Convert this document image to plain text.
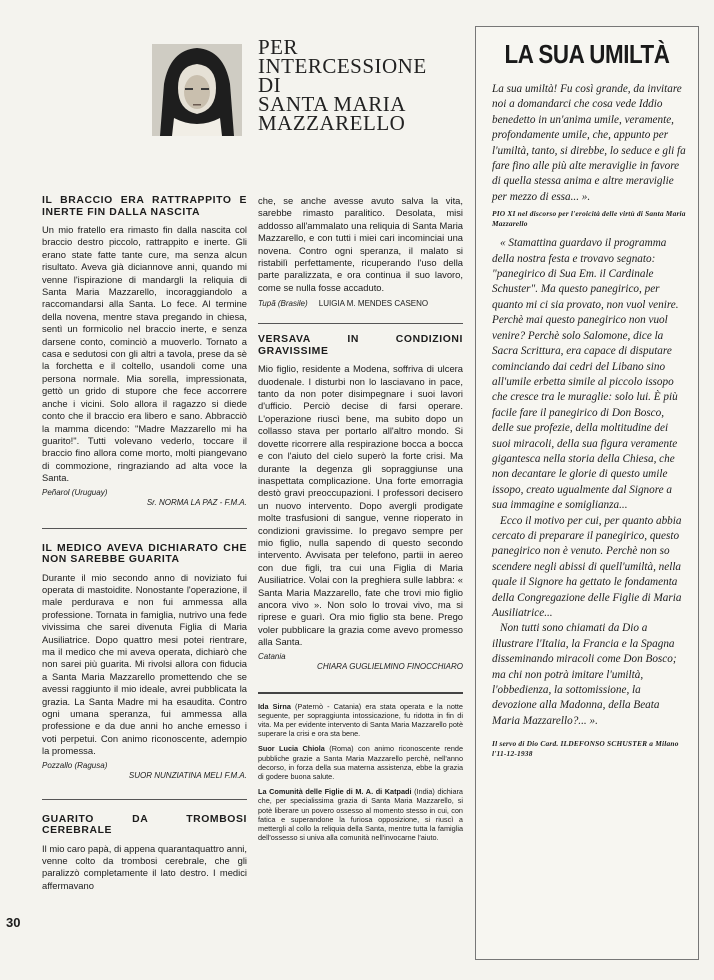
PER
INTERCESSIONE
DI
SANTA MARIA
MAZZARELLO
IL BRACCIO ERA RATTRAPPITO E INERTE FIN DALLA NASCITA

Un mio fratello era rimasto fin dalla nascita col braccio destro piccolo, rattrappito e inerte. Gli erano state fatte tante cure, ma senza alcun risultato. Aveva già diciannove anni, quando mi venne l'ispirazione di mandargli la reliquia di Santa Maria Mazzarello, incoraggiandolo a raccomandarsi alla Santa. Lo fece. Al termine della novena, mentre stava pregando in chiesa, sentì un formicolio nel braccio inerte, e senza darsene conto, cominciò a muoverlo. Tornato a casa e sedutosi con gli altri a tavola, prese da sè la forchetta e il coltello, usandoli come una persona normale. Mia sorella, impressionata, gettò un grido di stupore che fece accorrere anche i vicini. Solo allora il ragazzo si diede conto che il braccio era libero e sano. Abbracciò la mamma dicendo: "Madre Mazzarello mi ha guarito!". Tutti volevano vederlo, toccare il braccio fino allora come morto, molti piangevano di commozione, ringraziando ad alta voce la Santa.

Peñarol (Uruguay)
Sr. NORMA LA PAZ - F.M.A.
IL MEDICO AVEVA DICHIARATO CHE NON SAREBBE GUARITA

Durante il mio secondo anno di noviziato fui operata di mastoidite. Nonostante l'operazione, il male perdurava e non fui ammessa alla professione. Tornata in famiglia, nutrivo una fede vivissima che sarei divenuta Figlia di Maria Ausiliatrice. Dopo quattro mesi potei rientrare, ma il medico che mi aveva operata, dichiarò che non sarei più guarita. Mi rivolsi allora con fiducia a Santa Maria Mazzarello promettendo che se avessi raggiunto il mio ideale, avrei pubblicata la grazia. La Santa Madre mi ha esaudita. Contro ogni umana speranza, fui ammessa alla professione e da due anni ho anche emesso i voti perpetui. Con animo riconoscente, adempio la promessa.

Pozzallo (Ragusa)
SUOR NUNZIATINA MELI F.M.A.
GUARITO DA TROMBOSI CEREBRALE

Il mio caro papà, di appena quarantaquattro anni, venne colto da trombosi cerebrale, che gli paralizzò completamente il lato destro. I medici affermavano

che, se anche avesse avuto salva la vita, sarebbe rimasto paralitico. Desolata, misi addosso all'ammalato una reliquia di Santa Maria Mazzarello, e con tutti i miei cari incominciai una novena. Contro ogni speranza, il malato si ristabilì perfettamente, ricuperando l'uso della parte paralizzata, e ora continua il suo lavoro, come se nulla fosse accaduto.

Tupã (Brasile) LUIGIA M. MENDES CASENO
VERSAVA IN CONDIZIONI GRAVISSIME

Mio figlio, residente a Modena, soffriva di ulcera duodenale. I disturbi non lo lasciavano in pace, tanto da non poter disimpegnare i suoi lavori d'ufficio. Perciò decise di farsi operare. L'operazione riuscì bene, ma subito dopo un collasso stava per portarlo all'altro mondo. Si dovette ricorrere alla respirazione bocca a bocca e con l'aiuto del cielo superò la forte crisi. Ma durante la degenza gli sopraggiunse una inaspettata complicazione. Una forte emorragia destò gravi preoccupazioni. I professori decisero un nuovo intervento. Dopo avergli prodigate molte trasfusioni di sangue, venne rioperato in condizioni gravissime. Io pregavo sempre per mio figlio, nulla sapendo di questo secondo intervento. Avvisata per telefono, partii in aereo con due figli, tra cui una Figlia di Maria Ausiliatrice. Volai con la preghiera sulle labbra: « Santa Maria Mazzarello, fate che trovi mio figlio ancora vivo ». Non solo lo trovai vivo, ma si riprese e guarì. Ora mio figlio sta bene. Prego voler pubblicare la grazia come avevo promesso alla Santa.

Catania
CHIARA GUGLIELMINO FINOCCHIARO

Ida Sirna (Paternò - Catania) era stata operata e la notte seguente, per sopraggiunta intossicazione, fu ridotta in fin di vita. Ma per evidente intervento di Santa Maria Mazzarello potè superare la crisi e ora sta bene.

Suor Lucia Chiola (Roma) con animo riconoscente rende pubbliche grazie a Santa Maria Mazzarello perchè, nell'anno decorso, in forza della sua materna assistenza, ebbe la grazia di godere buona salute.

La Comunità delle Figlie di M. A. di Katpadi (India) dichiara che, per specialissima grazia di Santa Maria Mazzarello, si potè liberare un povero ossesso al momento stesso in cui, con fatica e superandone la furiosa opposizione, si riuscì a mettergli al collo la reliquia della Santa, mentre tutta la famiglia dell'ossesso si univa alla comunità nell'invocarne l'aiuto.

30
LA SUA UMILTÀ

La sua umiltà! Fu così grande, da invitare noi a domandarci che cosa vede Iddio benedetto in un'anima umile, veramente, profondamente umile, che, appunto per l'umiltà, tanto, si direbbe, lo seduce e gli fa fare fino alle più alte meraviglie in favore di quella stessa anima e altre meraviglie per mezzo di essa... ».

PIO XI nel discorso per l'eroicità delle virtù di Santa Maria Mazzarello

« Stamattina guardavo il programma della nostra festa e trovavo segnato: "panegirico di Sua Em. il Cardinale Schuster". Ma questo panegirico, per quanto mi ci sia provato, non vuol venire. Perchè mai questo panegirico non vuol venire? Perchè solo Salomone, dice la Sacra Scrittura, era capace di disputare cominciando dai cedri del Libano sino all'umile erbetta simile al piccolo issopo che cresce tra le muraglie: solo lui. È più facile fare il panegirico di Don Bosco, delle sue profezie, della moltitudine dei suoi miracoli, della sua figura veramente gigantesca nella storia della Chiesa, che non decantare le glorie di questo umile issopo, creato ugualmente dal Signore a sua immagine e somiglianza...

Ecco il motivo per cui, per quanto abbia cercato di preparare il panegirico, questo panegirico non è venuto. Perchè non so scendere negli abissi di quell'umiltà, nella quale il Signore ha gettato le fondamenta della Congregazione delle Figlie di Maria Ausiliatrice...

Non tutti sono chiamati da Dio a illustrare l'Italia, la Francia e la Spagna disseminando miracoli come Don Bosco; ma chi non potrà imitare l'umiltà, l'obbedienza, la sottomissione, la devozione alla Madonna, della Beata Maria Mazzarello?... ».

Il servo di Dio Card. ILDEFONSO SCHUSTER a Milano l'11-12-1938
